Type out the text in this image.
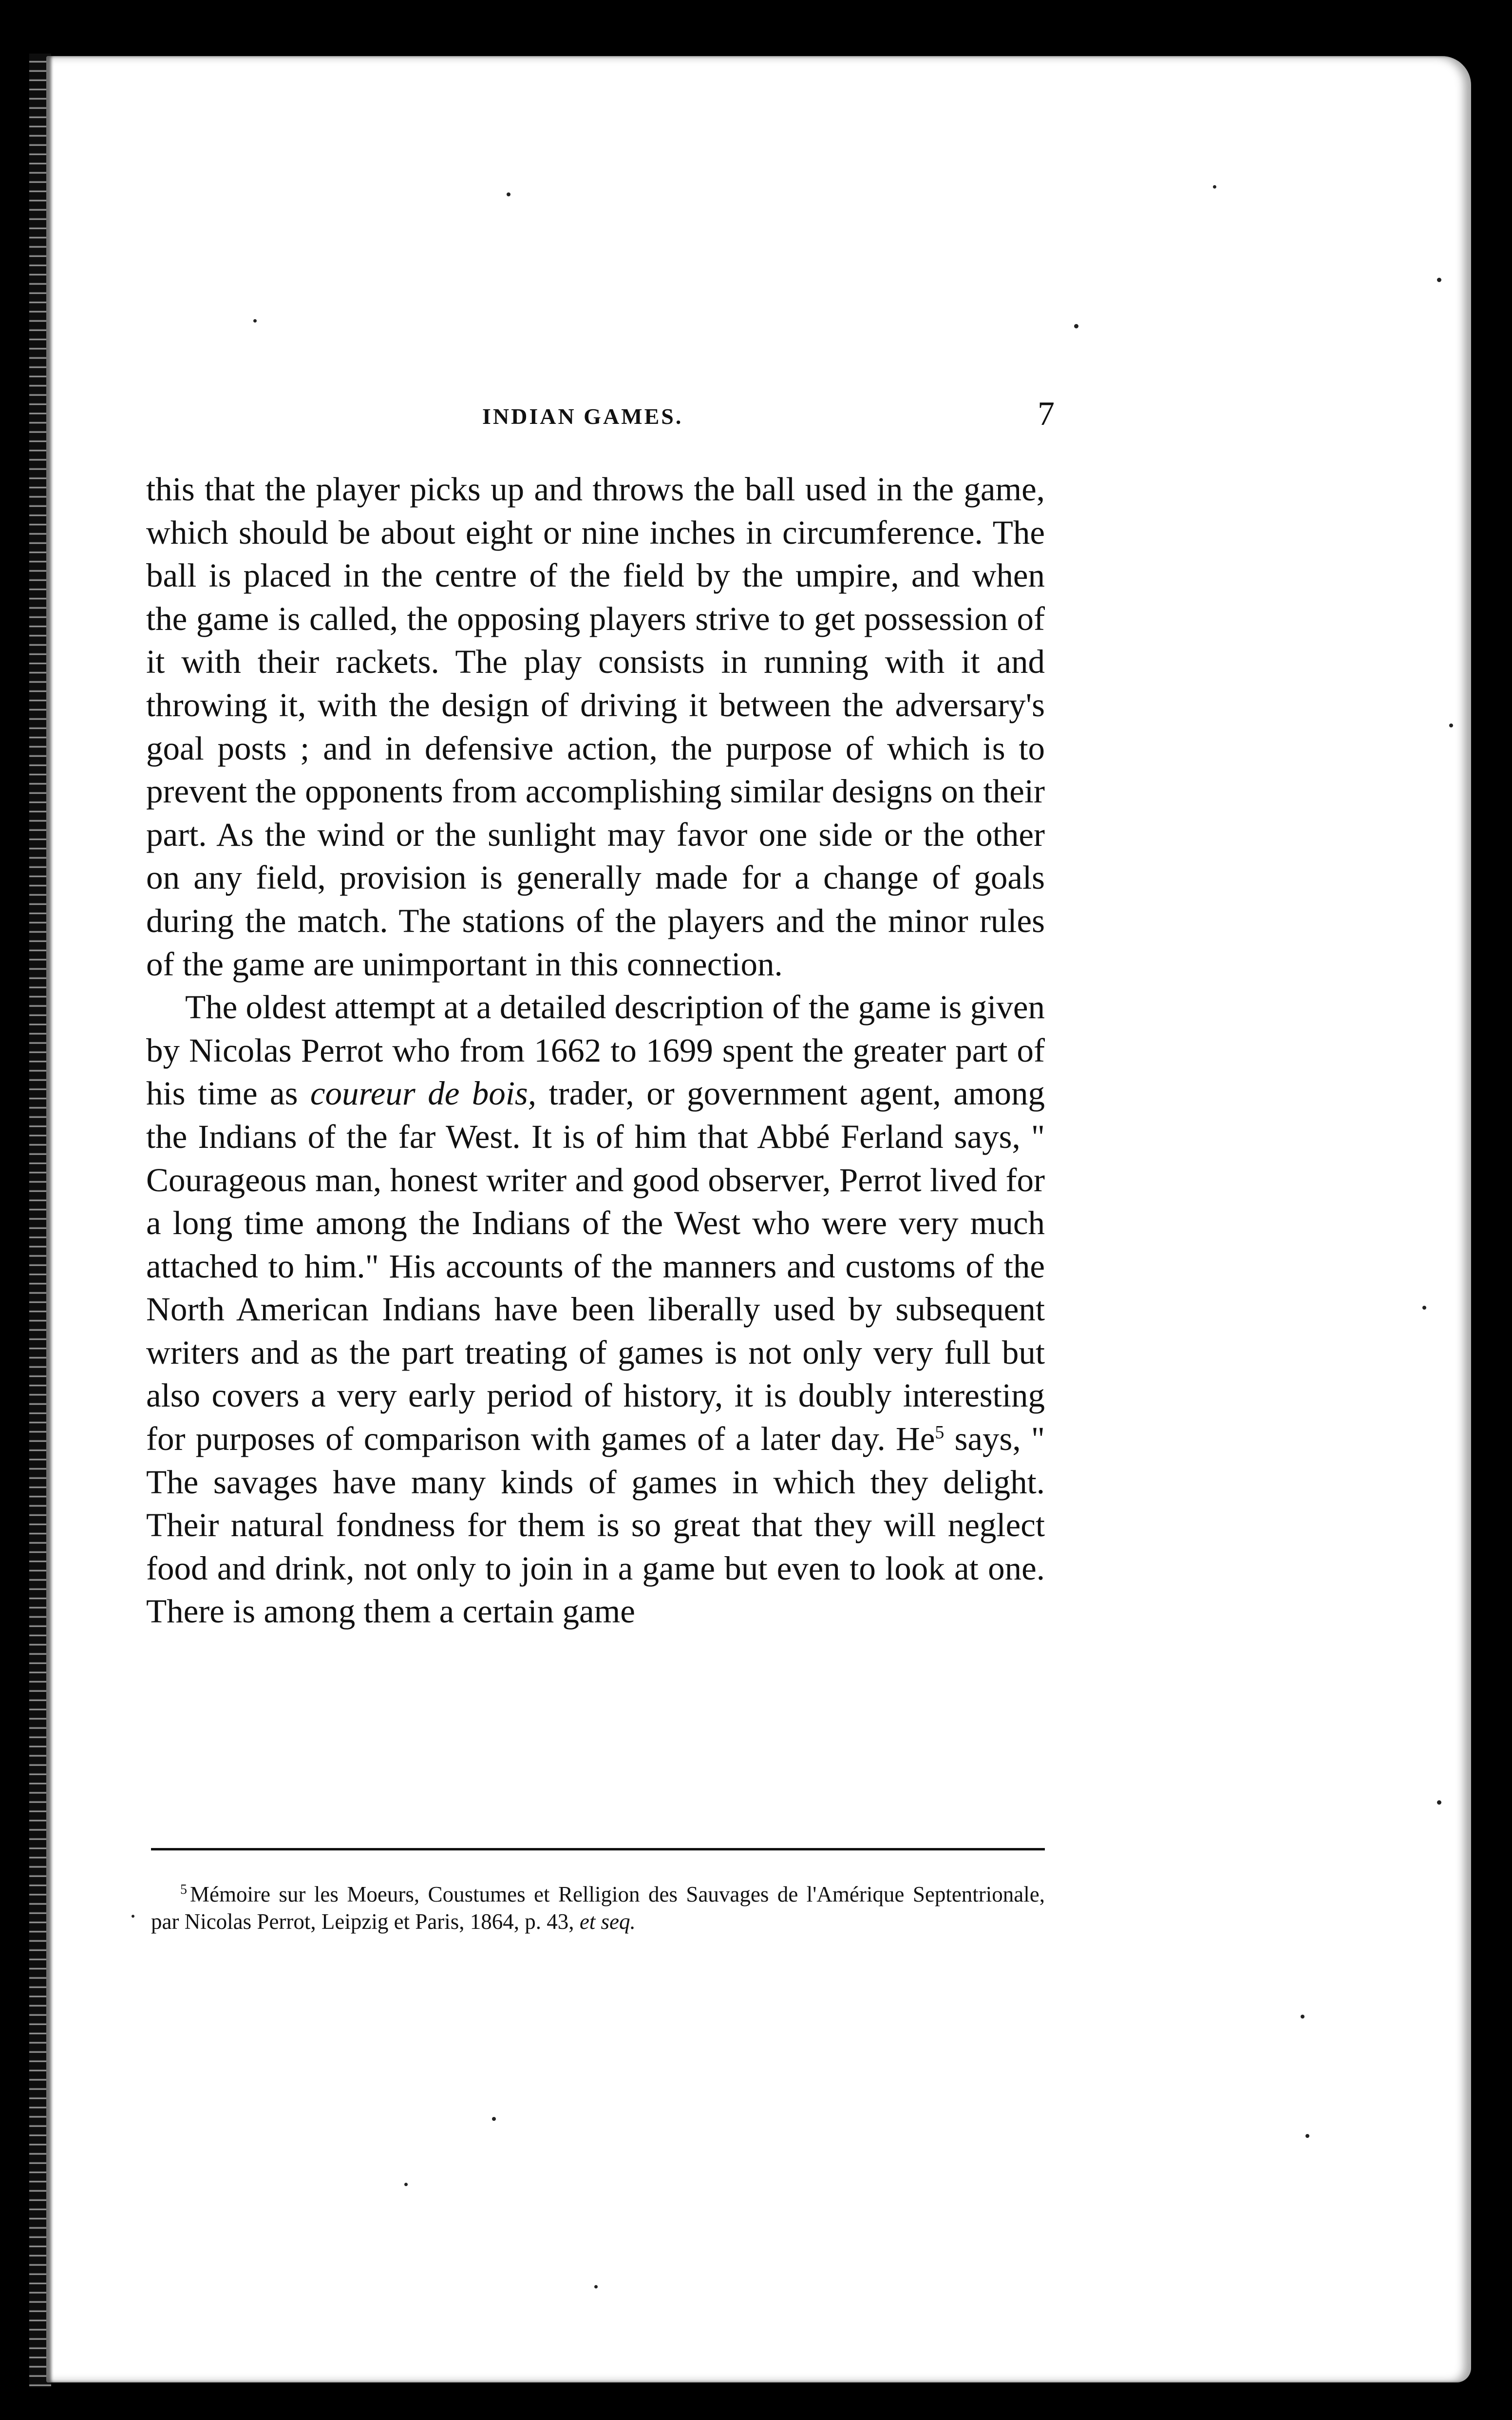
INDIAN GAMES.	7

this that the player picks up and throws the ball used in the game, which should be about eight or nine inches in circumference. The ball is placed in the centre of the field by the umpire, and when the game is called, the opposing players strive to get possession of it with their rackets. The play consists in running with it and throwing it, with the design of driving it between the adversary's goal posts ; and in defensive action, the purpose of which is to prevent the opponents from accomplishing similar designs on their part. As the wind or the sunlight may favor one side or the other on any field, provision is generally made for a change of goals during the match. The stations of the players and the minor rules of the game are unimportant in this connection.

The oldest attempt at a detailed description of the game is given by Nicolas Perrot who from 1662 to 1699 spent the greater part of his time as coureur de bois, trader, or government agent, among the Indians of the far West. It is of him that Abbé Ferland says, " Courageous man, honest writer and good observer, Perrot lived for a long time among the Indians of the West who were very much attached to him." His accounts of the manners and customs of the North American Indians have been liberally used by subsequent writers and as the part treating of games is not only very full but also covers a very early period of history, it is doubly interesting for purposes of comparison with games of a later day. He$^5$ says, " The savages have many kinds of games in which they delight. Their natural fondness for them is so great that they will neglect food and drink, not only to join in a game but even to look at one. There is among them a certain game

$^5$ Mémoire sur les Moeurs, Coustumes et Relligion des Sauvages de l'Amérique Septentrionale, par Nicolas Perrot, Leipzig et Paris, 1864, p. 43, et seq.
